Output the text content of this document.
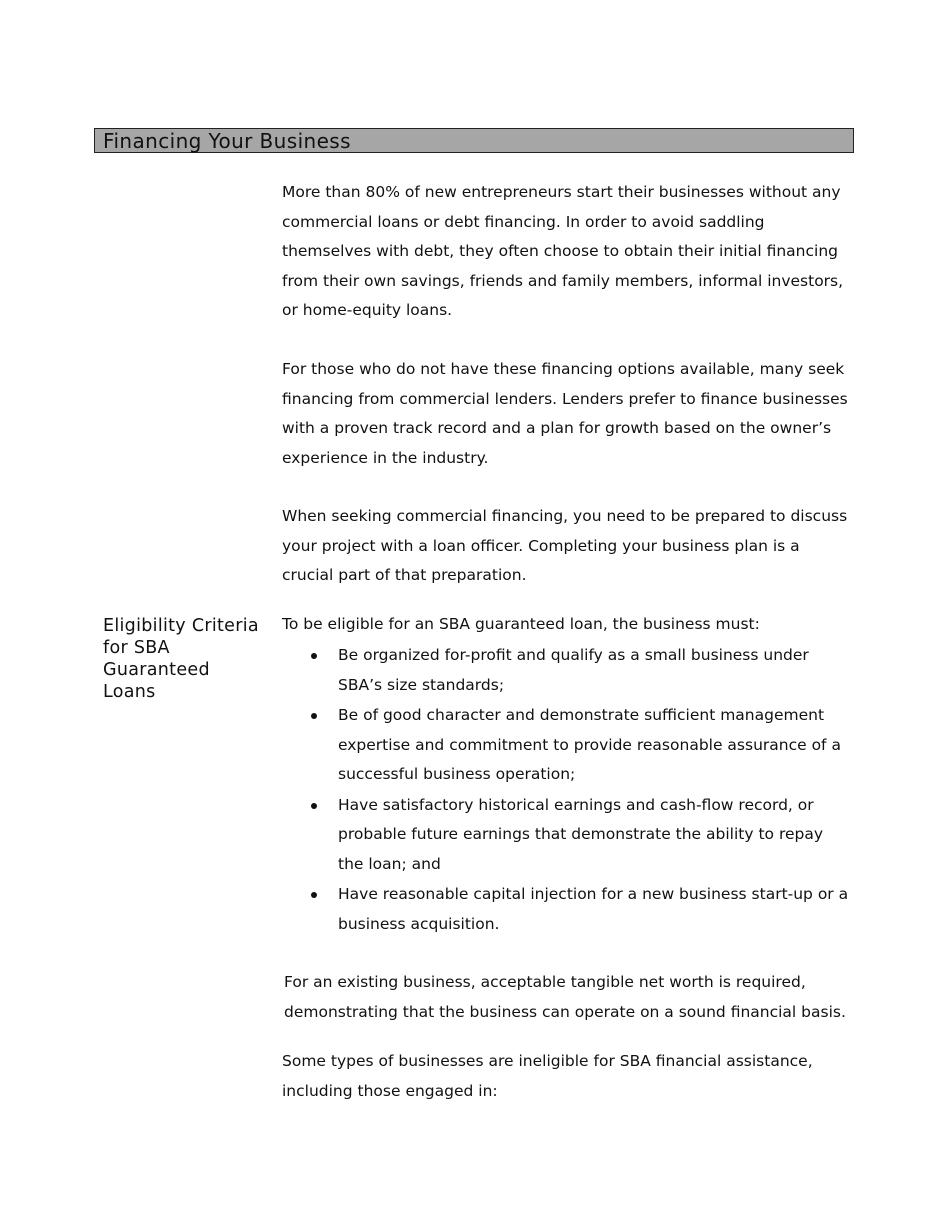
Financing Your Business

More than 80% of new entrepreneurs start their businesses without any commercial loans or debt financing. In order to avoid saddling themselves with debt, they often choose to obtain their initial financing from their own savings, friends and family members, informal investors, or home-equity loans.

For those who do not have these financing options available, many seek financing from commercial lenders. Lenders prefer to finance businesses with a proven track record and a plan for growth based on the owner’s experience in the industry.

When seeking commercial financing, you need to be prepared to discuss your project with a loan officer. Completing your business plan is a crucial part of that preparation.

Eligibility Criteria for SBA Guaranteed Loans

To be eligible for an SBA guaranteed loan, the business must:

Be organized for-profit and qualify as a small business under SBA’s size standards;
Be of good character and demonstrate sufficient management expertise and commitment to provide reasonable assurance of a successful business operation;
Have satisfactory historical earnings and cash-flow record, or probable future earnings that demonstrate the ability to repay the loan; and
Have reasonable capital injection for a new business start-up or a business acquisition.

For an existing business, acceptable tangible net worth is required, demonstrating that the business can operate on a sound financial basis.

Some types of businesses are ineligible for SBA financial assistance, including those engaged in:
